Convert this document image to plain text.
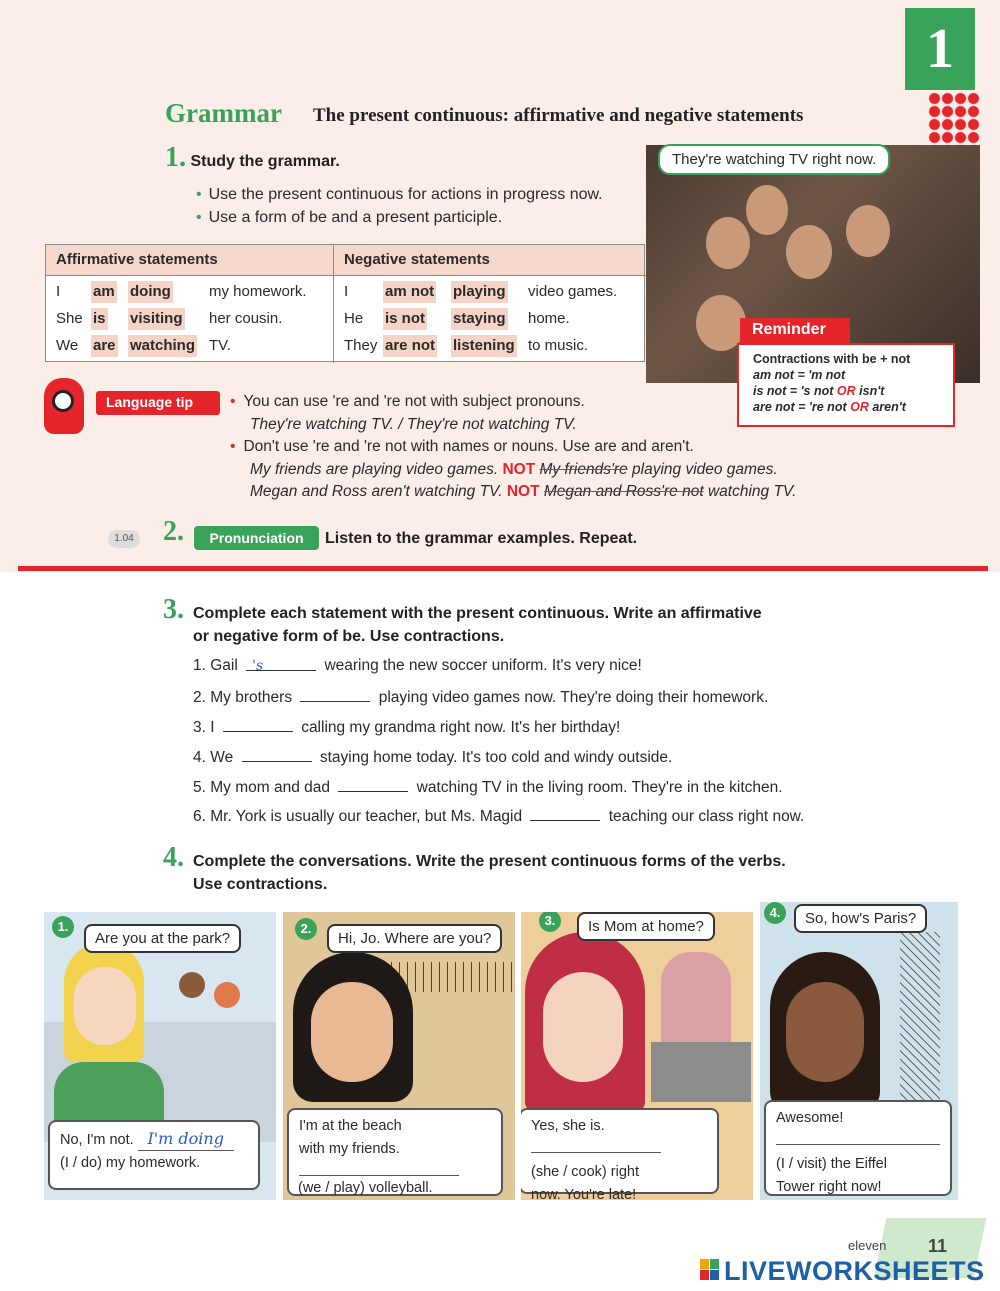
1
Grammar The present continuous: affirmative and negative statements
1. Study the grammar.
• Use the present continuous for actions in progress now.
• Use a form of be and a present participle.
Affirmative statements	Negative statements
I am doing	my homework.
She is visiting her cousin.
We are watching TV.
I am not playing video games.
He is not staying home.
They are not listening to music.
They're watching TV right now.
Reminder
Contractions with be + not
am not = 'm not
is not = 's not OR isn't
are not = 're not OR aren't
Language tip
•	You can use 're and 're not with subject pronouns.
They're watching TV. / They're not watching TV.
• Don't use 're and 're not with names or nouns. Use are and aren't.
My friends are playing video games. NOT My friends're playing video games.
Megan and Ross aren't watching TV. NOT Megan and Ross're not watching TV.
1.04 2.	Pronunciation	Listen to the grammar examples. Repeat.
3. Complete each statement with the present continuous. Write an affirmative
or negative form of be. Use contractions.
1. Gail 's	wearing the new soccer uniform. It's very nice!
2. My brothers	playing video games now. They're doing their homework.
3. I	calling my grandma right now. It's her birthday!
4. We	staying home today. It's too cold and windy outside.
5. My mom and dad	watching TV in the living room. They're in the kitchen.
6. Mr. York is usually our teacher, but Ms. Magid	teaching our class right now.
4. Complete the conversations. Write the present continuous forms of the verbs.
Use contractions.
1.
Are you at the park?
No, I'm not. I'm doing
(I / do) my homework.
2.
Hi, Jo. Where are you?
I'm at the beach
with my friends.
(we / play) volleyball.
3.	Is Mom at home?
Yes, she is.
(she / cook) right
now. You're late!
4.	So, how's Paris?
Awesome!
(I / visit) the Eiffel
Tower right now!
eleven 11
LIVEWORKSHEETS
